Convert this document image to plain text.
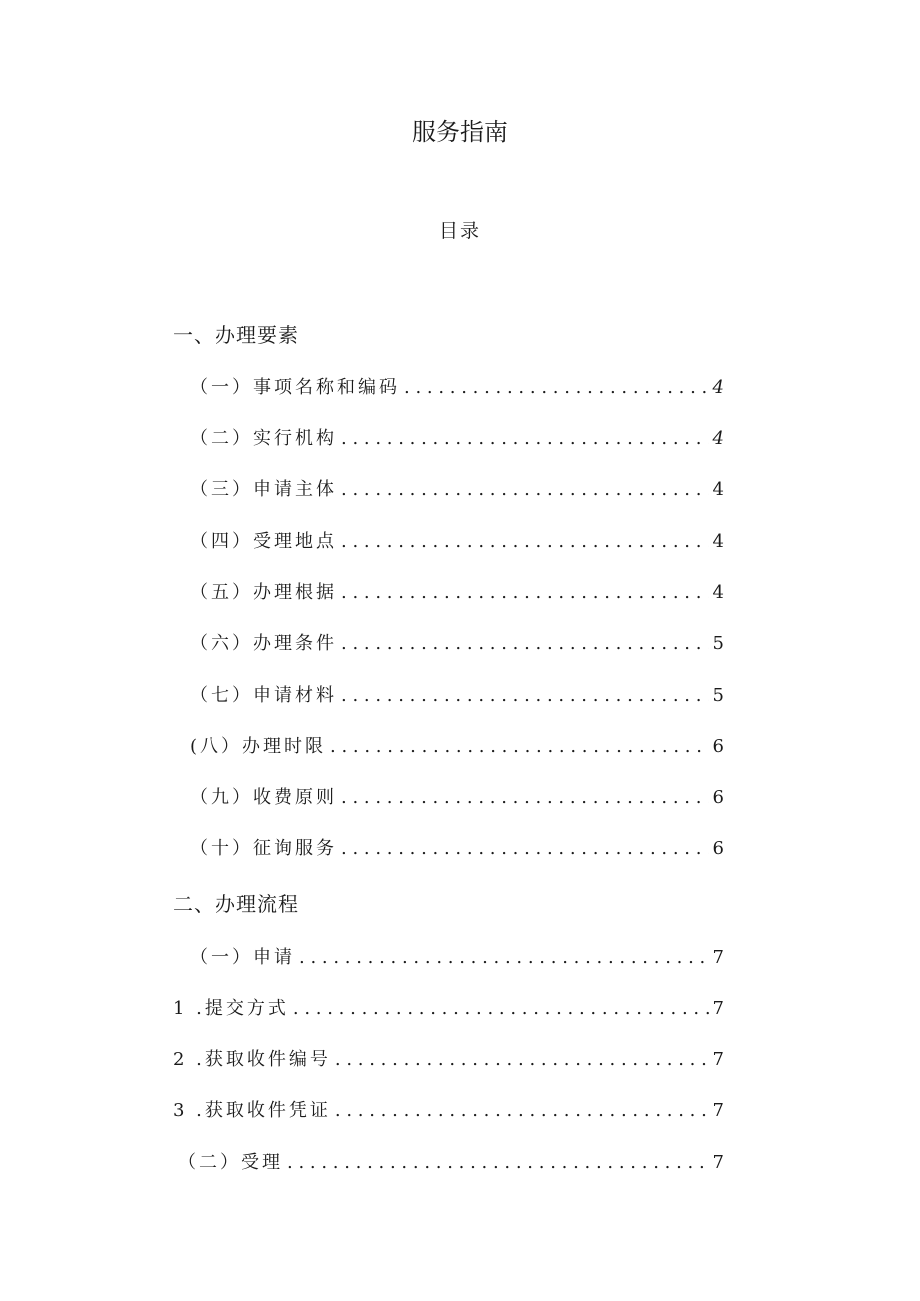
服务指南
目录
一、办理要素
（一）事项名称和编码 . . .	4
（二）实行机构 . . .	4
（三）申请主体 . . .	4
（四）受理地点 . . .	4
（五）办理根据 . . .	4
（六）办理条件 . . .	5
（七）申请材料 . . .	5
(八）办理时限 . . .	6
（九）收费原则 . . .	6
（十）征询服务 . . .	6
二、办理流程
（一）申请 . . .	7
1 .提交方式 . . .	7
2 .获取收件编号 . . .	7
3 .获取收件凭证 . . .	7
（二）受理 . . .	7
